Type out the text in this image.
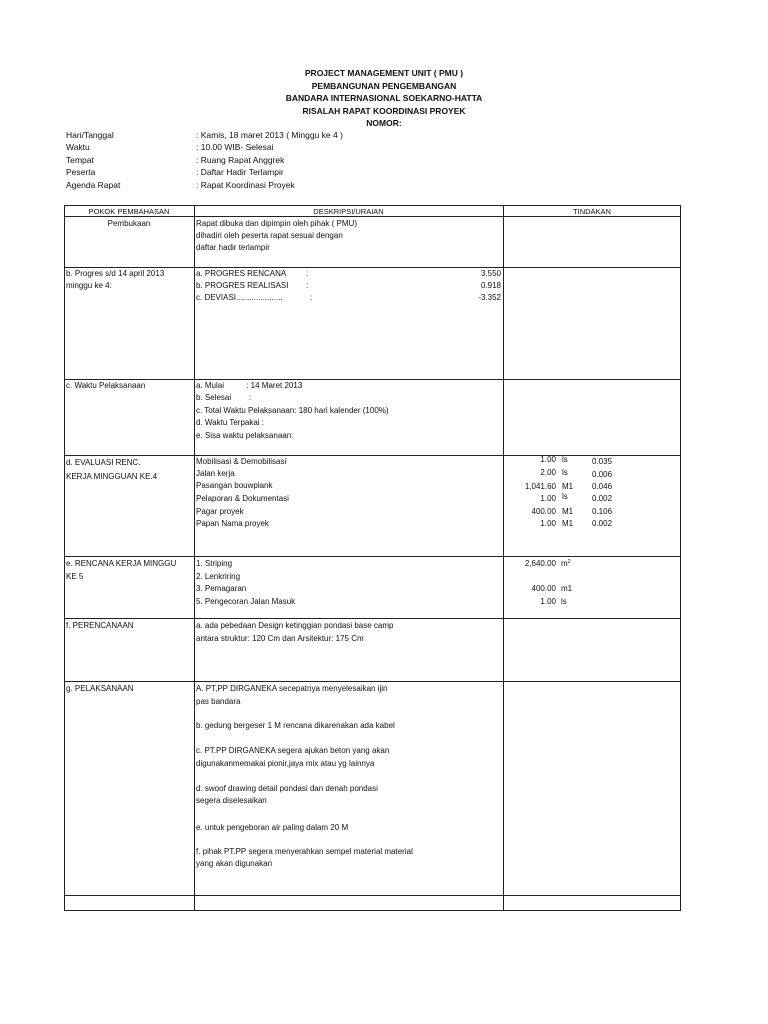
PROJECT MANAGEMENT UNIT ( PMU )
PEMBANGUNAN PENGEMBANGAN
BANDARA INTERNASIONAL SOEKARNO-HATTA
RISALAH RAPAT KOORDINASI PROYEK
NOMOR:
Hari/Tanggal	: Kamis, 18 maret 2013 ( Minggu ke 4 )
Waktu	: 10.00 WIB- Selesai
Tempat	: Ruang Rapat Anggrek
Peserta	: Daftar Hadir Terlampir
Agenda Rapat	: Rapat Koordinasi Proyek
POKOK PEMBAHASAN	DESKRIPSI/URAIAN	TINDAKAN
Pembukaan	Rapat dibuka dan dipimpin oleh pihak ( PMU)
dihadiri oleh peserta rapat sesuai dengan
daftar hadir terlampir
b. Progres s/d 14 april 2013
minggu ke 4:
a. PROGRES RENCANA :	3.550
b. PROGRES REALISASI :	0.918
c. DEVIASI.....................	:	-3.352
c. Waktu Pelaksanaan	a. Mulai          : 14 Maret 2013
b. Selesai        :
c. Total Waktu Pelaksanaan: 180 hari kalender (100%)
d. Waktu Terpakai :
e. Sisa waktu pelaksanaan:
d. EVALUASI RENC.
KERJA MINGGUAN KE.4
Mobilisasi & Demobilisasi	1.00 ls	0.035
Jalan kerja	2.00 ls	0.006
Pasangan bouwplank	1,041.60 M1 0.046
Pelaporan & Dokumentasi	1.00 ls	0.002
Pagar proyek	400.00 M1 0.106
Papan Nama proyek	1.00 M1 0.002
e. RENCANA KERJA MINGGU
KE 5
1. Striping	2,640.00 $m^2$
2. Lenkriring
3. Pemagaran	400.00 m1
5. Pengecoran Jalan Masuk	1.00 ls
f. PERENCANAAN	a. ada pebedaan Design ketinggian pondasi base camp
antara struktur: 120 Cm dan Arsitektur: 175 Cm
g. PELAKSANAAN	A. PT,PP DIRGANEKA secepatnya menyelesaikan ijin
pas bandara
b. gedung bergeser 1 M rencana dikarenakan ada kabel
c. PT.PP DIRGANEKA segera ajukan beton yang akan
digunakanmemakai pionir,jaya mix atau yg lainnya
d. swoof drawing detail pondasi dan denah pondasi
segera diselesaikan
e. untuk pengeboran air paling dalam 20 M
f. pihak PT.PP segera menyerahkan sempel material material
yang akan digunakan
